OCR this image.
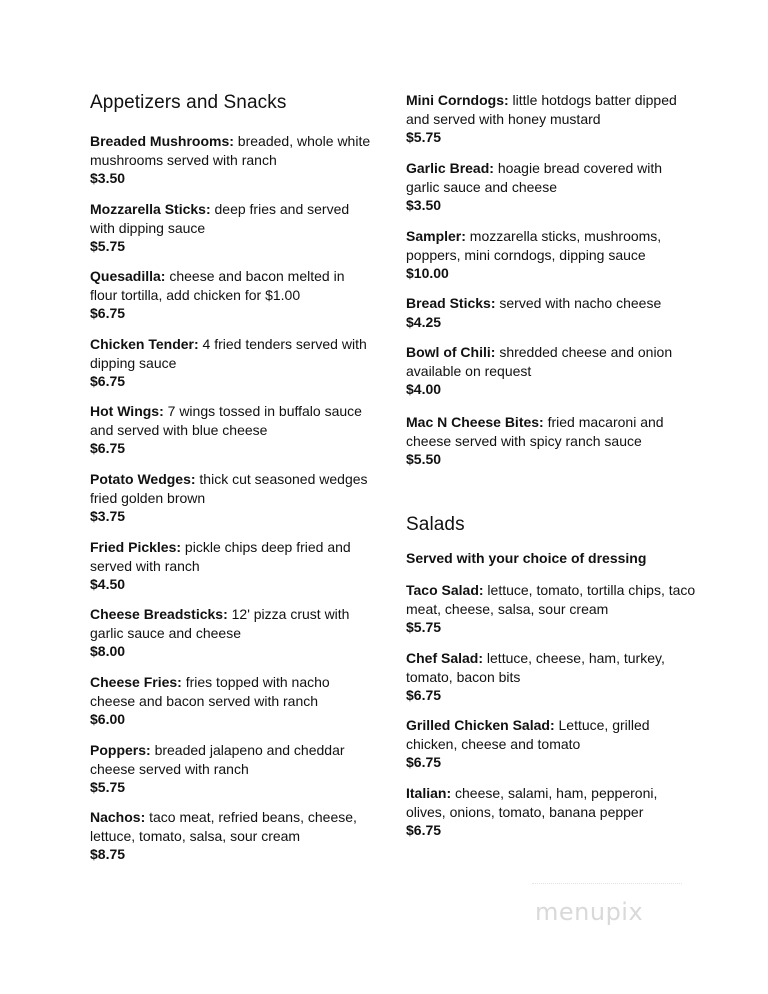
Appetizers and Snacks
Breaded Mushrooms: breaded, whole white mushrooms served with ranch
$3.50
Mozzarella Sticks: deep fries and served with dipping sauce
$5.75
Quesadilla: cheese and bacon melted in flour tortilla, add chicken for $1.00
$6.75
Chicken Tender: 4 fried tenders served with dipping sauce
$6.75
Hot Wings: 7 wings tossed in buffalo sauce and served with blue cheese
$6.75
Potato Wedges: thick cut seasoned wedges fried golden brown
$3.75
Fried Pickles: pickle chips deep fried and served with ranch
$4.50
Cheese Breadsticks: 12' pizza crust with garlic sauce and cheese
$8.00
Cheese Fries: fries topped with nacho cheese and bacon served with ranch
$6.00
Poppers: breaded jalapeno and cheddar cheese served with ranch
$5.75
Nachos: taco meat, refried beans, cheese, lettuce, tomato, salsa, sour cream
$8.75
Mini Corndogs: little hotdogs batter dipped and served with honey mustard
$5.75
Garlic Bread: hoagie bread covered with garlic sauce and cheese
$3.50
Sampler: mozzarella sticks, mushrooms, poppers, mini corndogs, dipping sauce
$10.00
Bread Sticks: served with nacho cheese
$4.25
Bowl of Chili: shredded cheese and onion available on request
$4.00
Mac N Cheese Bites: fried macaroni and cheese served with spicy ranch sauce
$5.50
Salads
Served with your choice of dressing
Taco Salad: lettuce, tomato, tortilla chips, taco meat, cheese, salsa, sour cream
$5.75
Chef Salad: lettuce, cheese, ham, turkey, tomato, bacon bits
$6.75
Grilled Chicken Salad: Lettuce, grilled chicken, cheese and tomato
$6.75
Italian: cheese, salami, ham, pepperoni, olives, onions, tomato, banana pepper
$6.75
menupix
